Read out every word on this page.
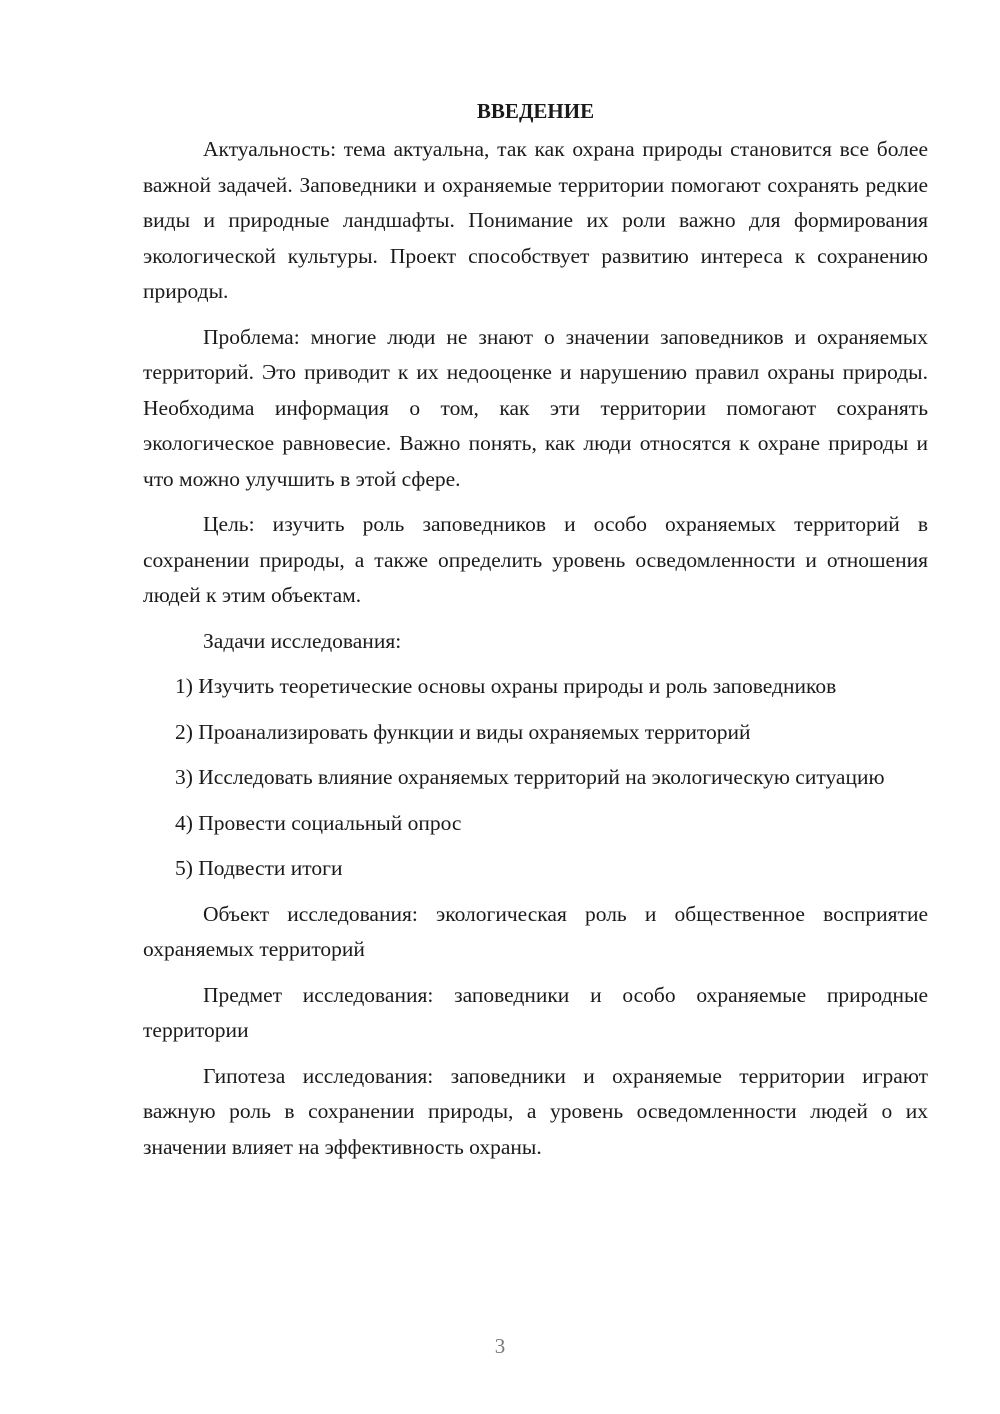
ВВЕДЕНИЕ

Актуальность: тема актуальна, так как охрана природы становится все более важной задачей. Заповедники и охраняемые территории помогают сохранять редкие виды и природные ландшафты. Понимание их роли важно для формирования экологической культуры. Проект способствует развитию интереса к сохранению природы.

Проблема: многие люди не знают о значении заповедников и охраняемых территорий. Это приводит к их недооценке и нарушению правил охраны природы. Необходима информация о том, как эти территории помогают сохранять экологическое равновесие. Важно понять, как люди относятся к охране природы и что можно улучшить в этой сфере.

Цель: изучить роль заповедников и особо охраняемых территорий в сохранении природы, а также определить уровень осведомленности и отношения людей к этим объектам.

Задачи исследования:

1) Изучить теоретические основы охраны природы и роль заповедников

2) Проанализировать функции и виды охраняемых территорий

3) Исследовать влияние охраняемых территорий на экологическую ситуацию

4) Провести социальный опрос

5) Подвести итоги

Объект исследования: экологическая роль и общественное восприятие охраняемых территорий

Предмет исследования: заповедники и особо охраняемые природные территории

Гипотеза исследования: заповедники и охраняемые территории играют важную роль в сохранении природы, а уровень осведомленности людей о их значении влияет на эффективность охраны.

3
